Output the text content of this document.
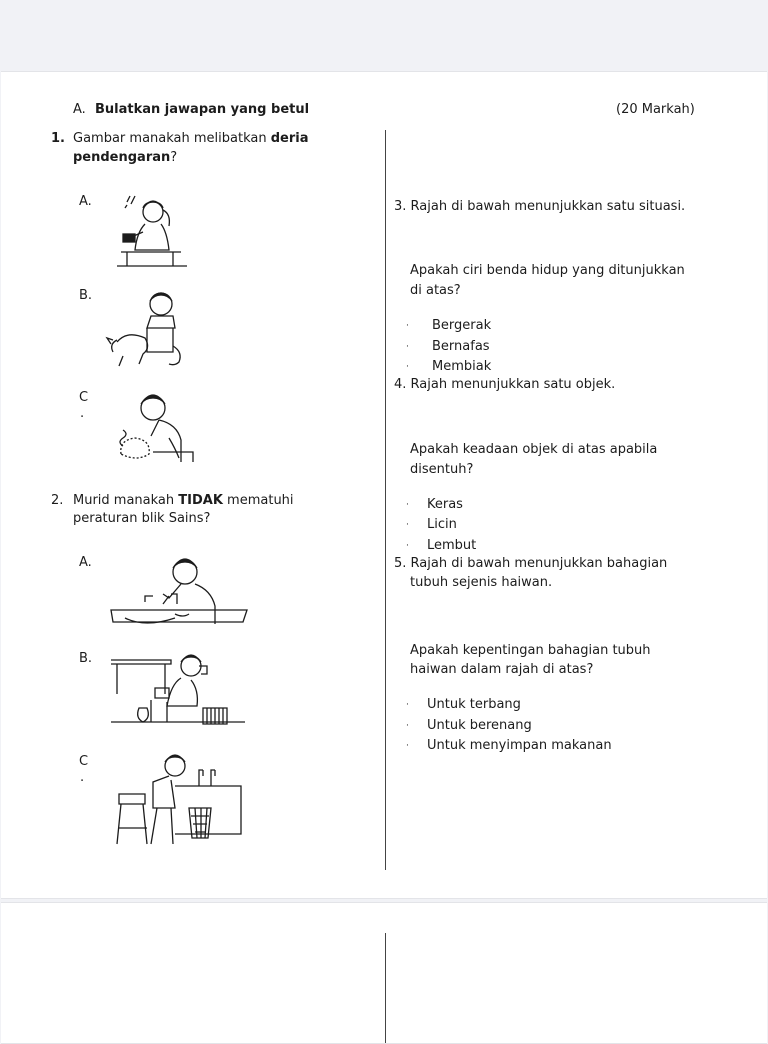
A. Bulatkan jawapan yang betul	(20 Markah)
1. Gambar manakah melibatkan deria
pendengaran?
A.
B.
C
.
2. Murid manakah TIDAK mematuhi
peraturan blik Sains?
A.
B.
C
.
3. Rajah di bawah menunjukkan satu situasi.
Apakah ciri benda hidup yang ditunjukkan
di atas?
· Bergerak
· Bernafas
· Membiak
4. Rajah menunjukkan satu objek.
Apakah keadaan objek di atas apabila
disentuh?
· Keras
· Licin
· Lembut
5. Rajah di bawah menunjukkan bahagian
tubuh sejenis haiwan.
Apakah kepentingan bahagian tubuh
haiwan dalam rajah di atas?
· Untuk terbang
· Untuk berenang
· Untuk menyimpan makanan
